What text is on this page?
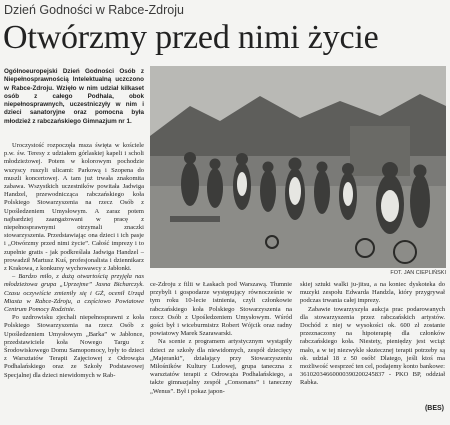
Dzień Godności w Rabce-Zdroju
Otwórzmy przed nimi życie
Ogólnoeuropejski Dzień Godności Osób z Niepełnosprawnością Intelektualną uczczono w Rabce-Zdroju. Wzięło w nim udział kilkaset osób z całego Podhala, obok niepełnosprawnych, uczestniczyły w nim i dzieci sanatoryjne oraz pomocna była młodzież z rabczańskiego Gimnazjum nr 1.

Uroczystość rozpoczęła msza święta w kościele p.w. św. Teresy z udziałem górlaskiej kapeli i scholi młodzieżowej. Potem w kolorowym pochodzie wszyscy ruszyli ulicami: Parkową i Szopena do muszli koncertowej. A tam już trwała znakomita zabawa. Wszystkich uczestników powitała Jadwiga Handzel, przewodnicząca rabczańskiego koła Polskiego Stowarzyszenia na rzecz Osób z Upośledzeniem Umysłowym. A zaraz potem najbardziej zaangażowani w pracę z niepełnosprawnymi otrzymali znaczki stowarzyszenia. Przedstawiając ona dzieci i ich pasje i „Otwórzmy przed nimi życie”. Całość imprezy i to zupełnie gratis - jak podkreślała Jadwiga Handzel – prowadził Martusz Kuś, profesjonalista i dziennikarz z Krakowa, z konkursy wychowawcy z Jabłonki.

– Bardzo miło, z dużą otwartością przyjęła nas młodzieżowa grupa „Uprzejme” Jasna Bicharczyk. Czasu oczywiście zmieniły się i GŻ, ocenił Urząd Miasta w Rabce-Zdroju, a częściowo Powiatowe Centrum Pomocy Rodzinie.

Po uzdrowisku zjechali niepełnosprawni z koła Polskiego Stowarzyszenia na rzecz Osób z Upośledzeniem Umysłowym „Barka” w Jabłonce, przedstawiciele koła Nowego Targu z Środowiskowego Domu Samopomocy, były to dzieci z Warsztatów Terapii Zajęciowej z Odrowąża Podhalańskiego oraz ze Szkoły Podstawowej Specjalnej dla dzieci niewidomych w Rab-

FOT. JAN CIEPLIŃSKI

ce-Zdroju z filii w Łaskach pod Warszawą. Tłumnie przybyli i gospodarze występujący równocześnie w tym roku 10-lecie istnienia, czyli członkowie rabczańskiego koła Polskiego Stowarzyszenia na rzecz Osób z Upośledzeniem Umysłowym. Wśród gości był i wiceburmistrz Robert Wójcik oraz radny powiatowy Marek Szarawarski.

Na scenie z programem artystycznym wystąpiły dzieci ze szkoły dla niewidomych, zespół dziecięcy „Majeranki”, działający przy Stowarzyszeniu Miłośników Kultury Ludowej, grupa taneczna z warsztatów terapii z Odrowąża Podhalańskiego, a także gimnazjalny zespół „Consonans” i taneczny „Wenus”. Był i pokaz japon-

skiej sztuki walki ju-jitsu, a na koniec dyskoteka do muzyki zespołu Edwarda Handzla, który przygrywał podczas trwania całej imprezy.

Zabawie towarzyszyła aukcja prac podarowanych dla stowarzyszenia przez rabczańskich artystów. Dochód z niej w wysokości ok. 600 zł zostanie przeznaczony na hipoterapię dla członków rabczańskiego koła. Niestety, pieniędzy jest wciąż mało, a w tej niezwykle skutecznej terapii potrzeby są ok. udział 18 z 50 osób! Dlatego, jeśli ktoś ma możliwość wesprzeć ten cel, podajemy konto bankowe: 36102034660000390200245837 - PKO BP, oddział Rabka.

(BES)
